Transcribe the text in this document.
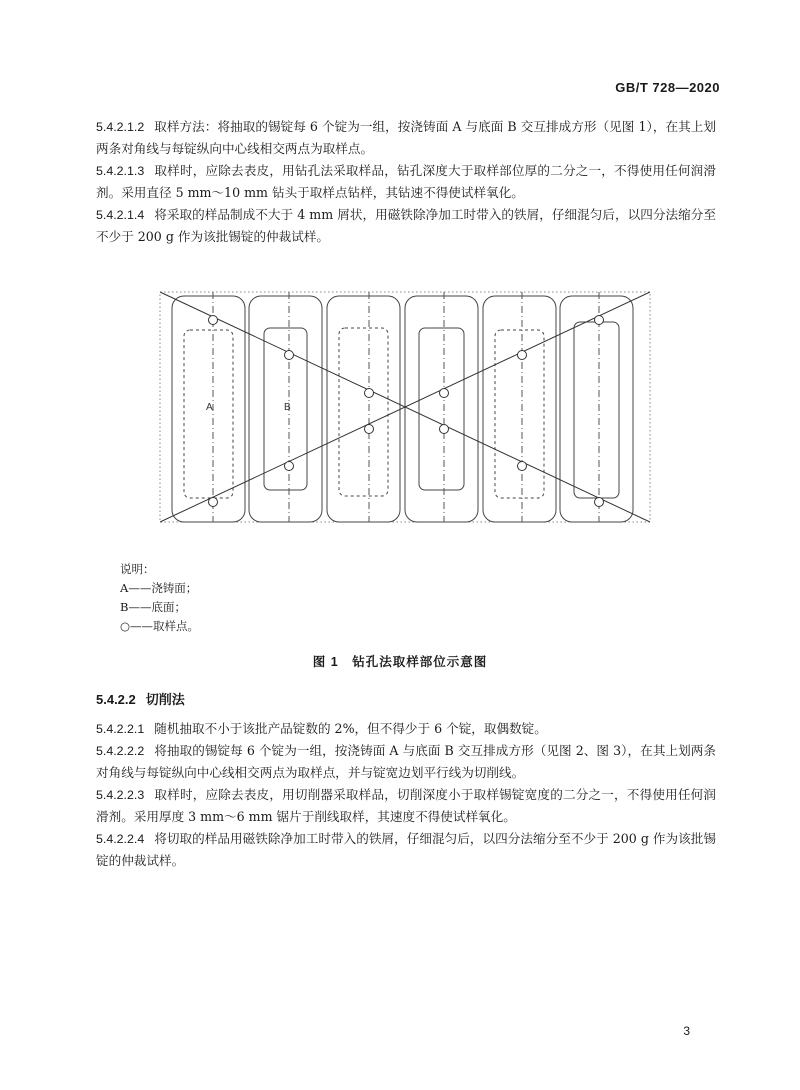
GB/T 728—2020

5.4.2.1.2 取样方法：将抽取的锡锭每 6 个锭为一组，按浇铸面 A 与底面 B 交互排成方形（见图 1），在其上划两条对角线与每锭纵向中心线相交两点为取样点。

5.4.2.1.3 取样时，应除去表皮，用钻孔法采取样品，钻孔深度大于取样部位厚的二分之一，不得使用任何润滑剂。采用直径 5 mm～10 mm 钻头于取样点钻样，其钻速不得使试样氧化。

5.4.2.1.4 将采取的样品制成不大于 4 mm 屑状，用磁铁除净加工时带入的铁屑，仔细混匀后，以四分法缩分至不少于 200 g 作为该批锡锭的仲裁试样。

A	B
说明：
A——浇铸面；
B——底面；
○——取样点。
图 1　钻孔法取样部位示意图
5.4.2.2 切削法

5.4.2.2.1 随机抽取不小于该批产品锭数的 2%，但不得少于 6 个锭，取偶数锭。

5.4.2.2.2 将抽取的锡锭每 6 个锭为一组，按浇铸面 A 与底面 B 交互排成方形（见图 2、图 3），在其上划两条对角线与每锭纵向中心线相交两点为取样点，并与锭宽边划平行线为切削线。

5.4.2.2.3 取样时，应除去表皮，用切削器采取样品，切削深度小于取样锡锭宽度的二分之一，不得使用任何润滑剂。采用厚度 3 mm～6 mm 锯片于削线取样，其速度不得使试样氧化。

5.4.2.2.4 将切取的样品用磁铁除净加工时带入的铁屑，仔细混匀后，以四分法缩分至不少于 200 g 作为该批锡锭的仲裁试样。

3
